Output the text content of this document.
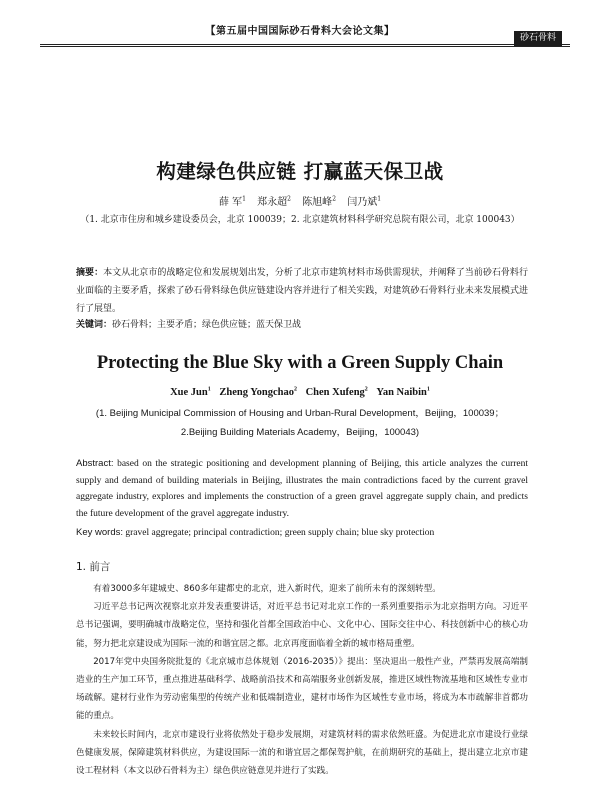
【第五届中国国际砂石骨料大会论文集】
砂石骨料
构建绿色供应链 打赢蓝天保卫战
薛 军$^1$ 郑永超$^2$ 陈旭峰$^2$ 闫乃斌$^1$
（1. 北京市住房和城乡建设委员会，北京 100039；2. 北京建筑材料科学研究总院有限公司，北京 100043）
摘要：本文从北京市的战略定位和发展规划出发，分析了北京市建筑材料市场供需现状，并阐释了当前砂石骨料行业面临的主要矛盾，探索了砂石骨料绿色供应链建设内容并进行了相关实践，对建筑砂石骨料行业未来发展模式进行了展望。
关键词：砂石骨料；主要矛盾；绿色供应链；蓝天保卫战
Protecting the Blue Sky with a Green Supply Chain
Xue Jun$^1$ Zheng Yongchao$^2$ Chen Xufeng$^2$ Yan Naibin$^1$
(1. Beijing Municipal Commission of Housing and Urban-Rural Development，Beijing，100039；2.Beijing Building Materials Academy，Beijing，100043)
Abstract: based on the strategic positioning and development planning of Beijing, this article analyzes the current supply and demand of building materials in Beijing, illustrates the main contradictions faced by the current gravel aggregate industry, explores and implements the construction of a green gravel aggregate supply chain, and predicts the future development of the gravel aggregate industry.
Key words: gravel aggregate; principal contradiction; green supply chain; blue sky protection
1. 前言

有着3000多年建城史、860多年建都史的北京，进入新时代，迎来了前所未有的深刻转型。

习近平总书记两次视察北京并发表重要讲话，对近平总书记对北京工作的一系列重要指示为北京指明方向。习近平总书记强调，要明确城市战略定位，坚持和强化首都全国政治中心、文化中心、国际交往中心、科技创新中心的核心功能，努力把北京建设成为国际一流的和谐宜居之都。北京再度面临着全新的城市格局重塑。

2017年党中央国务院批复的《北京城市总体规划（2016-2035）》提出：坚决退出一般性产业，严禁再发展高端制造业的生产加工环节，重点推进基础科学、战略前沿技术和高端服务业创新发展，推进区域性物流基地和区域性专业市场疏解。建材行业作为劳动密集型的传统产业和低端制造业，建材市场作为区域性专业市场，将成为本市疏解非首都功能的重点。

未来较长时间内，北京市建设行业将依然处于稳步发展期，对建筑材料的需求依然旺盛。为促进北京市建设行业绿色健康发展，保障建筑材料供应，为建设国际一流的和谐宜居之都保驾护航，在前期研究的基础上，提出建立北京市建设工程材料（本文以砂石骨料为主）绿色供应链意见并进行了实践。
